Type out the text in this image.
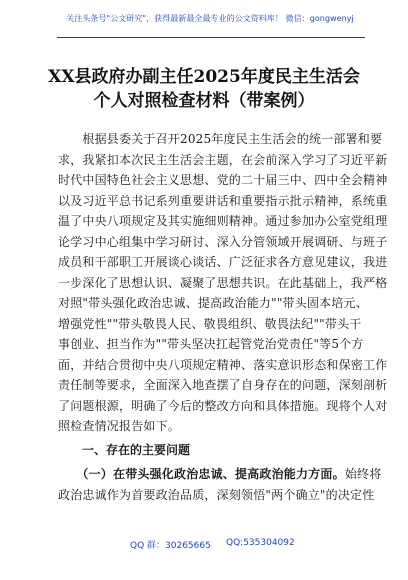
关注头条号"公文研究"，获得最新最全最专业的公文资料库！ 微信：gongwenyj
XX县政府办副主任2025年度民主生活会
个人对照检查材料（带案例）
　　根据县委关于召开2025年度民主生活会的统一部署和要
求，我紧扣本次民主生活会主题，在会前深入学习了习近平新
时代中国特色社会主义思想、党的二十届三中、四中全会精神
以及习近平总书记系列重要讲话和重要指示批示精神，系统重
温了中央八项规定及其实施细则精神。通过参加办公室党组理
论学习中心组集中学习研讨、深入分管领域开展调研、与班子
成员和干部职工开展谈心谈话、广泛征求各方意见建议，我进
一步深化了思想认识、凝聚了思想共识。在此基础上，我严格
对照"带头强化政治忠诚、提高政治能力""带头固本培元、
增强党性""带头敬畏人民、敬畏组织、敬畏法纪""带头干
事创业、担当作为""带头坚决扛起管党治党责任"等5个方
面，并结合贯彻中央八项规定精神、落实意识形态和保密工作
责任制等要求，全面深入地查摆了自身存在的问题，深刻剖析
了问题根源，明确了今后的整改方向和具体措施。现将个人对
照检查情况报告如下。
　　一、存在的主要问题
　　（一）在带头强化政治忠诚、提高政治能力方面。始终将
政治忠诚作为首要政治品质，深刻领悟"两个确立"的决定性
QQ 群：30265665 QQ:535304092
